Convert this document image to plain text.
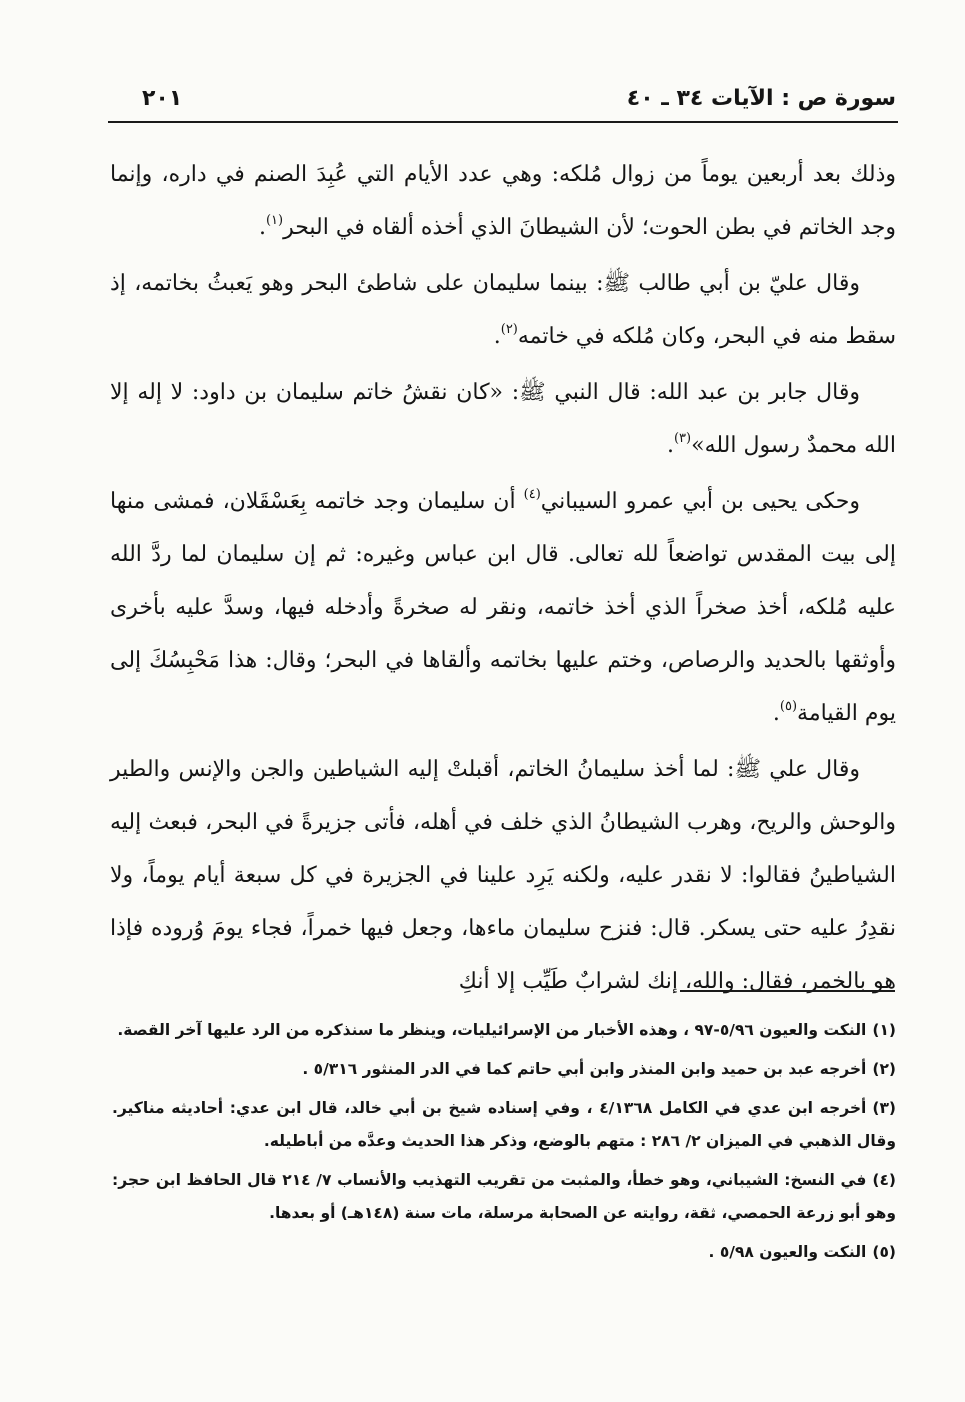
سورة ص : الآيات ٣٤ ـ ٤٠
٢٠١

وذلك بعد أربعين يوماً من زوال مُلكه: وهي عدد الأيام التي عُبِدَ الصنم في داره، وإنما وجد الخاتم في بطن الحوت؛ لأن الشيطانَ الذي أخذه ألقاه في البحر$^{(١)}$.

وقال عليّ بن أبي طالب ﷺ: بينما سليمان على شاطئ البحر وهو يَعبثُ بخاتمه، إذ سقط منه في البحر، وكان مُلكه في خاتمه$^{(٢)}$.

وقال جابر بن عبد الله: قال النبي ﷺ: «كان نقشُ خاتم سليمان بن داود: لا إله إلا الله محمدٌ رسول الله»$^{(٣)}$.

وحكى يحيى بن أبي عمرو السيباني$^{(٤)}$ أن سليمان وجد خاتمه بِعَسْقَلان، فمشى منها إلى بيت المقدس تواضعاً لله تعالى. قال ابن عباس وغيره: ثم إن سليمان لما ردَّ الله عليه مُلكه، أخذ صخراً الذي أخذ خاتمه، ونقر له صخرةً وأدخله فيها، وسدَّ عليه بأخرى وأوثقها بالحديد والرصاص، وختم عليها بخاتمه وألقاها في البحر؛ وقال: هذا مَحْبِسُكَ إلى يوم القيامة$^{(٥)}$.

وقال علي ﷺ: لما أخذ سليمانُ الخاتم، أقبلتْ إليه الشياطين والجن والإنس والطير والوحش والريح، وهرب الشيطانُ الذي خلف في أهله، فأتى جزيرةً في البحر، فبعث إليه الشياطينُ فقالوا: لا نقدر عليه، ولكنه يَرِد علينا في الجزيرة في كل سبعة أيام يوماً، ولا نقدِرُ عليه حتى يسكر. قال: فنزح سليمان ماءها، وجعل فيها خمراً، فجاء يومَ وُروده فإذا هو بالخمر، فقال: والله، إنك لشرابٌ طَيِّب إلا أنكِ

(١)النكت والعيون ٥/٩٦-٩٧ ، وهذه الأخبار من الإسرائيليات، وينظر ما سنذكره من الرد عليها آخر القصة.

(٢)أخرجه عبد بن حميد وابن المنذر وابن أبي حاتم كما في الدر المنثور ٥/٣١٦ .

(٣)أخرجه ابن عدي في الكامل ٤/١٣٦٨ ، وفي إسناده شيخ بن أبي خالد، قال ابن عدي: أحاديثه مناكير. وقال الذهبي في الميزان ٢/ ٢٨٦ : متهم بالوضع، وذكر هذا الحديث وعدَّه من أباطيله.

(٤)في النسخ: الشيباني، وهو خطأ، والمثبت من تقريب التهذيب والأنساب ٧/ ٢١٤ قال الحافظ ابن حجر: وهو أبو زرعة الحمصي، ثقة، روايته عن الصحابة مرسلة، مات سنة (١٤٨هـ) أو بعدها.

(٥)النكت والعيون ٥/٩٨ .
